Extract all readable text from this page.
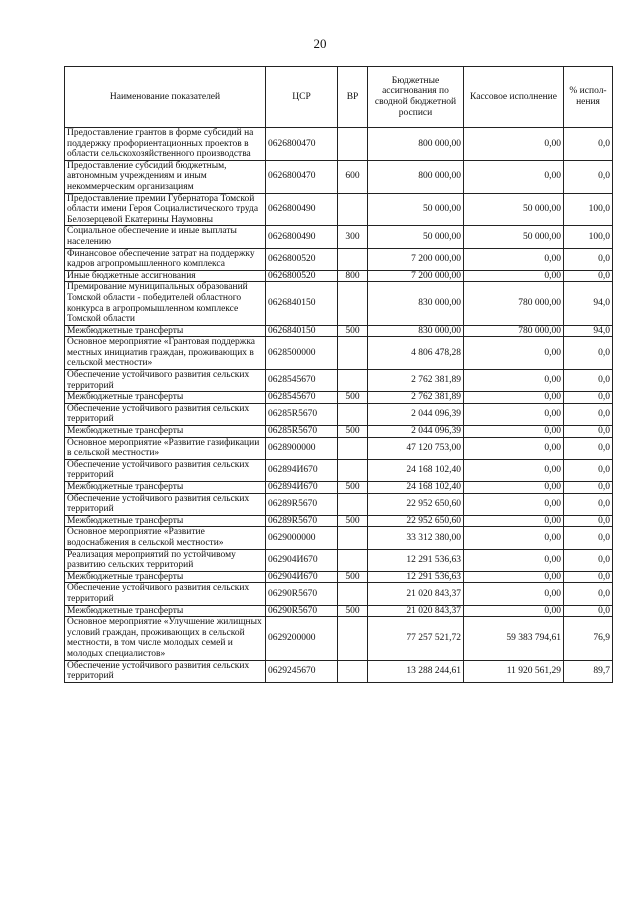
20
Наименование показателей	ЦСР	ВР	Бюджетные ассигнования по сводной бюджетной росписи	Кассовое исполнение	% испол-нения
Предоставление грантов в форме субсидий на поддержку профориентационных проектов в области сельскохозяйственного производства	0626800470		800 000,00	0,00	0,0
Предоставление субсидий бюджетным, автономным учреждениям и иным некоммерческим организациям	0626800470	600	800 000,00	0,00	0,0
Предоставление премии Губернатора Томской области имени Героя Социалистического труда Белозерцевой Екатерины Наумовны	0626800490		50 000,00	50 000,00	100,0
Социальное обеспечение и иные выплаты населению	0626800490	300	50 000,00	50 000,00	100,0
Финансовое обеспечение затрат на поддержку кадров агропромышленного комплекса	0626800520		7 200 000,00	0,00	0,0
Иные бюджетные ассигнования	0626800520	800	7 200 000,00	0,00	0,0
Премирование муниципальных образований Томской области - победителей областного конкурса в агропромышленном комплексе Томской области	0626840150		830 000,00	780 000,00	94,0
Межбюджетные трансферты	0626840150	500	830 000,00	780 000,00	94,0
Основное мероприятие «Грантовая поддержка местных инициатив граждан, проживающих в сельской местности»	0628500000		4 806 478,28	0,00	0,0
Обеспечение устойчивого развития сельских территорий	0628545670		2 762 381,89	0,00	0,0
Межбюджетные трансферты	0628545670	500	2 762 381,89	0,00	0,0
Обеспечение устойчивого развития сельских территорий	06285R5670		2 044 096,39	0,00	0,0
Межбюджетные трансферты	06285R5670	500	2 044 096,39	0,00	0,0
Основное мероприятие «Развитие газификации в сельской местности»	0628900000		47 120 753,00	0,00	0,0
Обеспечение устойчивого развития сельских территорий	062894И670		24 168 102,40	0,00	0,0
Межбюджетные трансферты	062894И670	500	24 168 102,40	0,00	0,0
Обеспечение устойчивого развития сельских территорий	06289R5670		22 952 650,60	0,00	0,0
Межбюджетные трансферты	06289R5670	500	22 952 650,60	0,00	0,0
Основное мероприятие «Развитие водоснабжения в сельской местности»	0629000000		33 312 380,00	0,00	0,0
Реализация мероприятий по устойчивому развитию сельских территорий	062904И670		12 291 536,63	0,00	0,0
Межбюджетные трансферты	062904И670	500	12 291 536,63	0,00	0,0
Обеспечение устойчивого развития сельских территорий	06290R5670		21 020 843,37	0,00	0,0
Межбюджетные трансферты	06290R5670	500	21 020 843,37	0,00	0,0
Основное мероприятие «Улучшение жилищных условий граждан, проживающих в сельской местности, в том числе молодых семей и молодых специалистов»	0629200000		77 257 521,72	59 383 794,61	76,9
Обеспечение устойчивого развития сельских территорий	0629245670		13 288 244,61	11 920 561,29	89,7
